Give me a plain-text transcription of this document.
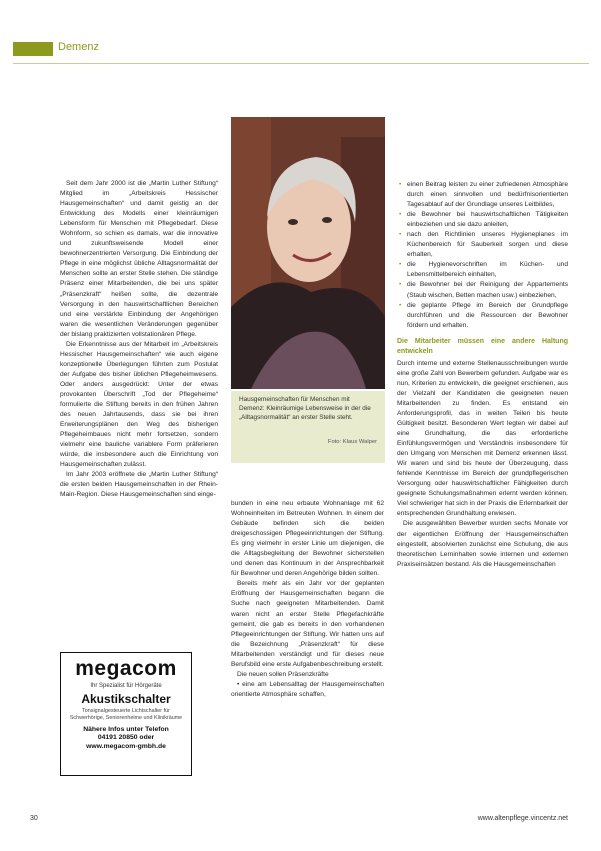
Demenz

Seit dem Jahr 2000 ist die „Martin Luther Stiftung“ Mitglied im „Arbeitskreis Hessischer Hausgemeinschaften“ und damit geistig an der Entwicklung des Modells einer kleinräumigen Lebensform für Menschen mit Pflegebedarf. Diese Wohnform, so schien es damals, war die innovative und zukunftsweisende Modell einer bewohnerzentrierten Versorgung. Die Einbindung der Pflege in eine möglichst übliche Alltagsnormalität der Menschen sollte an erster Stelle stehen. Die ständige Präsenz einer Mitarbeitenden, die bei uns später „Präsenzkraft“ heißen sollte, die dezentrale Versorgung in den hauswirtschaftlichen Bereichen und eine verstärkte Einbindung der Angehörigen waren die wesentlichen Veränderungen gegenüber der bislang praktizierten vollstationären Pflege.

Die Erkenntnisse aus der Mitarbeit im „Arbeitskreis Hessischer Hausgemeinschaften“ wie auch eigene konzeptionelle Überlegungen führten zum Postulat der Aufgabe des bisher üblichen Pflegeheimwesens. Oder anders ausgedrückt: Unter der etwas provokanten Überschrift „Tod der Pflegeheime“ formulierte die Stiftung bereits in den frühen Jahren des neuen Jahrtausends, dass sie bei ihren Erweiterungsplänen den Weg des bisherigen Pflegeheimbaues nicht mehr fortsetzen, sondern vielmehr eine bauliche variablere Form präferieren würde, die insbesondere auch die Einrichtung von Hausgemeinschaften zulässt.

Im Jahr 2003 eröffnete die „Martin Luther Stiftung“ die ersten beiden Hausgemeinschaften in der Rhein-Main-Region. Diese Hausgemeinschaften sind einge-

Hausgemeinschaften für Menschen mit Demenz: Kleinräumige Lebensweise in der die „Alltagsnormalität“ an erster Stelle steht.
Foto: Klaus Walper

bunden in eine neu erbaute Wohnanlage mit 62 Wohneinheiten im Betreuten Wohnen. In einem der Gebäude befinden sich die beiden dreigeschossigen Pflegeeinrichtungen der Stiftung. Es ging vielmehr in erster Linie um diejenigen, die die Alltagsbegleitung der Bewohner sicherstellen und denen das Kontinuum in der Ansprechbarkeit für Bewohner und deren Angehörige bilden sollten.

Bereits mehr als ein Jahr vor der geplanten Eröffnung der Hausgemeinschaften begann die Suche nach geeigneten Mitarbeitenden. Damit waren nicht an erster Stelle Pflegefachkräfte gemeint, die gab es bereits in den vorhandenen Pflegeeinrichtungen der Stiftung. Wir hatten uns auf die Bezeichnung „Präsenzkraft“ für diese Mitarbeitenden verständigt und für dieses neue Berufsbild eine erste Aufgabenbeschreibung erstellt.

Die neuen sollen Präsenzkräfte

• eine am Lebensalltag der Hausgemeinschaften orientierte Atmosphäre schaffen,

• einen Beitrag leisten zu einer zufriedenen Atmosphäre durch einen sinnvollen und bedürfnisorientierten Tagesablauf auf der Grundlage unseres Leitbildes,
• die Bewohner bei hauswirtschaftlichen Tätigkeiten einbeziehen und sie dazu anleiten,
• nach den Richtlinien unseres Hygieneplanes im Küchenbereich für Sauberkeit sorgen und diese erhalten,
• die Hygienevorschriften im Küchen- und Lebensmittelbereich einhalten,
• die Bewohner bei der Reinigung der Appartements (Staub wischen, Betten machen usw.) einbeziehen,
• die geplante Pflege im Bereich der Grundpflege durchführen und die Ressourcen der Bewohner fördern und erhalten.
Die Mitarbeiter müssen eine andere Haltung entwickeln

Durch interne und externe Stellenausschreibungen wurde eine große Zahl von Bewerbern gefunden. Aufgabe war es nun, Kriterien zu entwickeln, die geeignet erschienen, aus der Vielzahl der Kandidaten die geeigneten neuen Mitarbeitenden zu finden. Es entstand ein Anforderungsprofil, das in weiten Teilen bis heute Gültigkeit besitzt. Besonderen Wert legten wir dabei auf eine Grundhaltung, die das erforderliche Einfühlungsvermögen und Verständnis insbesondere für den Umgang von Menschen mit Demenz erkennen lässt. Wir waren und sind bis heute der Überzeugung, dass fehlende Kenntnisse im Bereich der grundpflegerischen Versorgung oder hauswirtschaftlicher Fähigkeiten durch geeignete Schulungsmaßnahmen erlernt werden können. Viel schwieriger hat sich in der Praxis die Erlernbarkeit der entsprechenden Grundhaltung erwiesen.

Die ausgewählten Bewerber wurden sechs Monate vor der eigentlichen Eröffnung der Hausgemeinschaften eingestellt, absolvierten zunächst eine Schulung, die aus theoretischen Lerninhalten sowie internen und externen Praxiseinsätzen bestand. Als die Hausgemeinschaften

megacom
Ihr Spezialist für Hörgeräte
Akustikschalter
Tonsignalgesteuerte Lichtschalter für Schwerhörige, Seniorenheime und Klinikräume
Nähere Infos unter Telefon
04191 20850 oder
www.megacom-gmbh.de
30	www.altenpflege.vincentz.net
